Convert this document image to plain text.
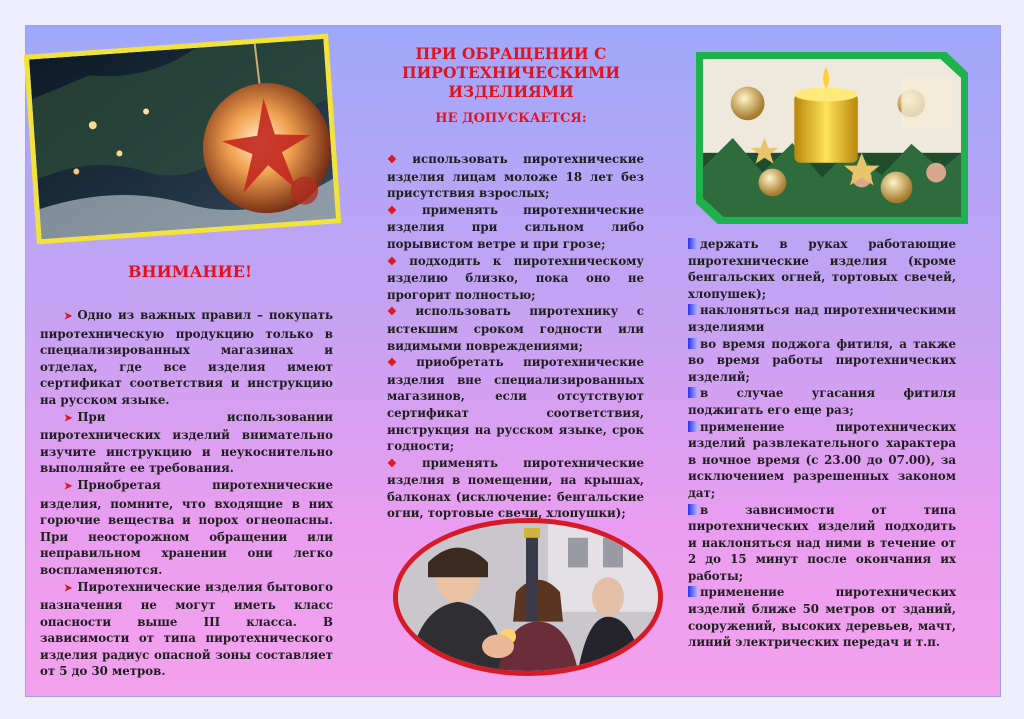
ВНИМАНИЕ!

➤ Одно из важных правил – покупать пиротехническую продукцию только в специализированных магазинах и отделах, где все изделия имеют сертификат соответствия и инструкцию на русском языке.

➤ При использовании пиротехнических изделий внимательно изучите инструкцию и неукоснительно выполняйте ее требования.

➤ Приобретая пиротехнические изделия, помните, что входящие в них горючие вещества и порох огнеопасны. При неосторожном обращении или неправильном хранении они легко воспламеняются.

➤ Пиротехнические изделия бытового назначения не могут иметь класс опасности выше III класса. В зависимости от типа пиротехнического изделия радиус опасной зоны составляет от 5 до 30 метров.

ПРИ ОБРАЩЕНИИ С ПИРОТЕХНИЧЕСКИМИ ИЗДЕЛИЯМИ
НЕ ДОПУСКАЕТСЯ:

❖ использовать пиротехнические изделия лицам моложе 18 лет без присутствия взрослых;

❖ применять пиротехнические изделия при сильном либо порывистом ветре и при грозе;

❖ подходить к пиротехническому изделию близко, пока оно не прогорит полностью;

❖ использовать пиротехнику с истекшим сроком годности или видимыми повреждениями;

❖ приобретать пиротехнические изделия вне специализированных магазинов, если отсутствуют сертификат соответствия, инструкция на русском языке, срок годности;

❖ применять пиротехнические изделия в помещении, на крышах, балконах (исключение: бенгальские огни, тортовые свечи, хлопушки);

держать в руках работающие пиротехнические изделия (кроме бенгальских огней, тортовых свечей, хлопушек);

наклоняться над пиротехническими изделиями

во время поджога фитиля, а также во время работы пиротехнических изделий;

в случае угасания фитиля поджигать его еще раз;

применение пиротехнических изделий развлекательного характера в ночное время (с 23.00 до 07.00), за исключением разрешенных законом дат;

в зависимости от типа пиротехнических изделий подходить и наклоняться над ними в течение от 2 до 15 минут после окончания их работы;

применение пиротехнических изделий ближе 50 метров от зданий, сооружений, высоких деревьев, мачт, линий электрических передач и т.п.
